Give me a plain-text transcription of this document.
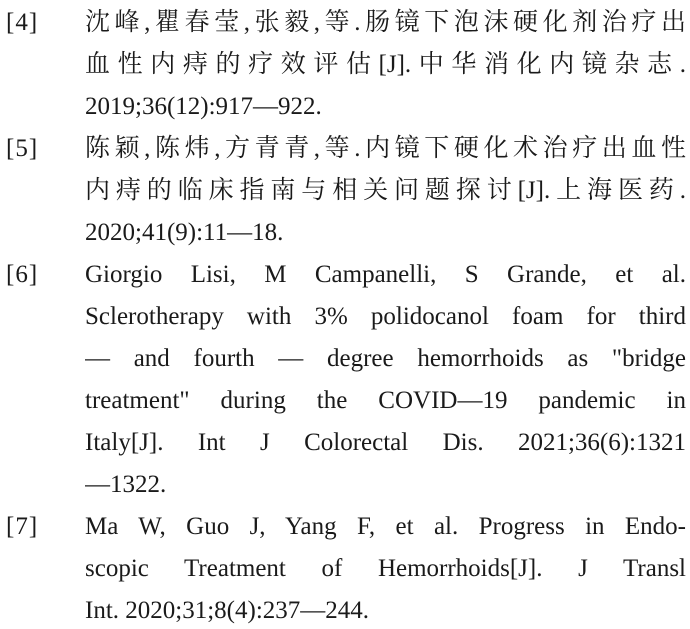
[4]	沈峰,瞿春莹,张毅,等.肠镜下泡沫硬化剂治疗出
血性内痔的疗效评估[J].中华消化内镜杂志.
2019;36(12):917—922.
[5]	陈颖,陈炜,方青青,等.内镜下硬化术治疗出血性
内痔的临床指南与相关问题探讨[J].上海医药.
2020;41(9):11—18.
[6]	Giorgio Lisi, M Campanelli, S Grande, et al.
Sclerotherapy with 3% polidocanol foam for third
— and fourth — degree hemorrhoids as "bridge
treatment" during the COVID—19 pandemic in
Italy[J]. Int J Colorectal Dis. 2021;36(6):1321
—1322.
[7]	Ma W, Guo J, Yang F, et al. Progress in Endo-
scopic Treatment of Hemorrhoids[J]. J Transl
Int. 2020;31;8(4):237—244.
